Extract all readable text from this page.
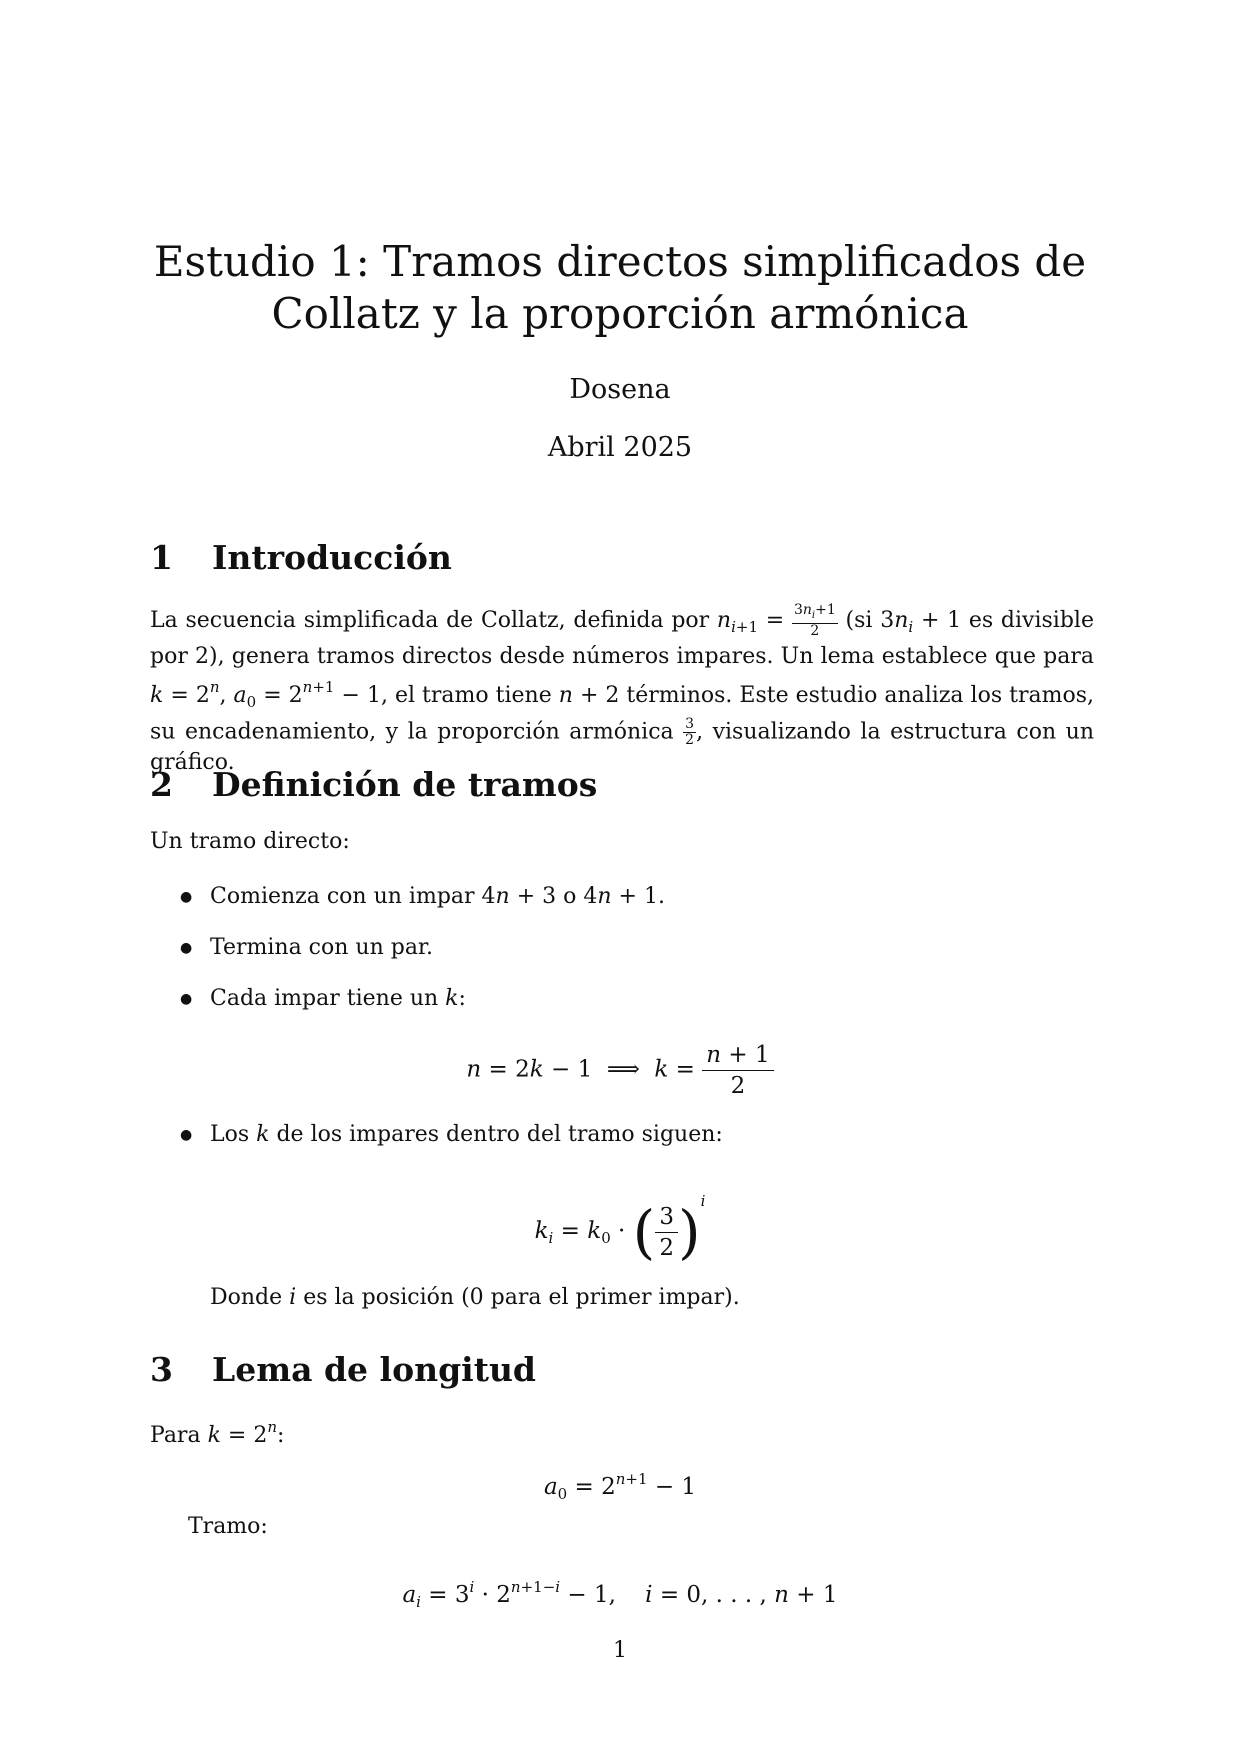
Estudio 1: Tramos directos simplificados de Collatz y la proporción armónica
Dosena
Abril 2025
1 Introducción

La secuencia simplificada de Collatz, definida por $n_{i+1} = \frac{3n_i+1}{2} (si$ $3n_i + 1$ es divisible por 2), genera tramos directos desde números impares. Un lema establece que para $k = 2^n$, $a_0 = 2^{n+1} - 1$, el tramo tiene n + 2 términos. Este estudio analiza los tramos, su encadenamiento, y la proporción armónica $\frac{3}{2}$ , visualizando la estructura con un gráfico.

2 Definición de tramos
Un tramo directo:
● Comienza con un impar 4n + 3 o 4n + 1.
● Termina con un par.
● Cada impar tiene un k:
n = 2k − 1  ⟹  $k = \frac{n + 1}{2}$
● Los k de los impares dentro del tramo siguen:
$k_i = k_0$ · ( $\frac{3}{2} )^i$
Donde i es la posición (0 para el primer impar).
3 Lema de longitud
Para $k = 2^n$:
$a_0 = 2^{n+1} - 1$
Tramo:
$a_i = 3^i \cdot 2^{n+1-i} - 1$,    i = 0, . . . , n + 1
1
